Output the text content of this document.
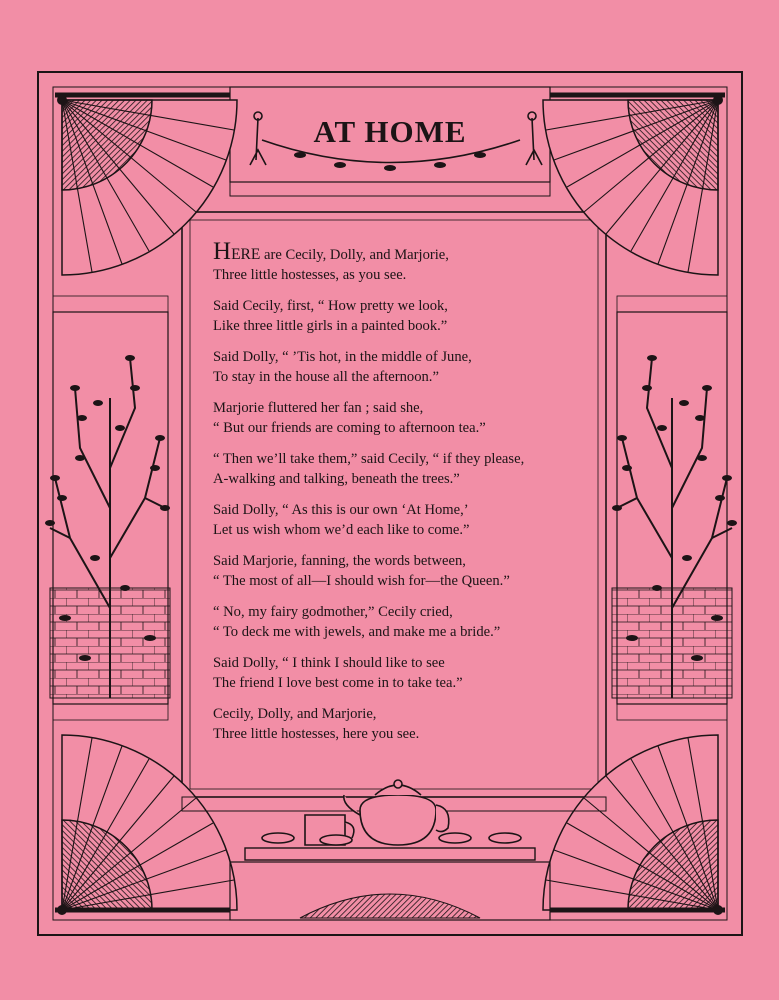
AT HOME
HERE are Cecily, Dolly, and Marjorie,
Three little hostesses, as you see.
Said Cecily, first, “ How pretty we look,
Like three little girls in a painted book.”
Said Dolly, “ ’Tis hot, in the middle of June,
To stay in the house all the afternoon.”
Marjorie fluttered her fan ; said she,
“ But our friends are coming to afternoon tea.”
“ Then we’ll take them,” said Cecily, “ if they please,
A-walking and talking, beneath the trees.”
Said Dolly, “ As this is our own ‘At Home,’
Let us wish whom we’d each like to come.”
Said Marjorie, fanning, the words between,
“ The most of all—I should wish for—the Queen.”
“ No, my fairy godmother,” Cecily cried,
“ To deck me with jewels, and make me a bride.”
Said Dolly, “ I think I should like to see
The friend I love best come in to take tea.”
Cecily, Dolly, and Marjorie,
Three little hostesses, here you see.
